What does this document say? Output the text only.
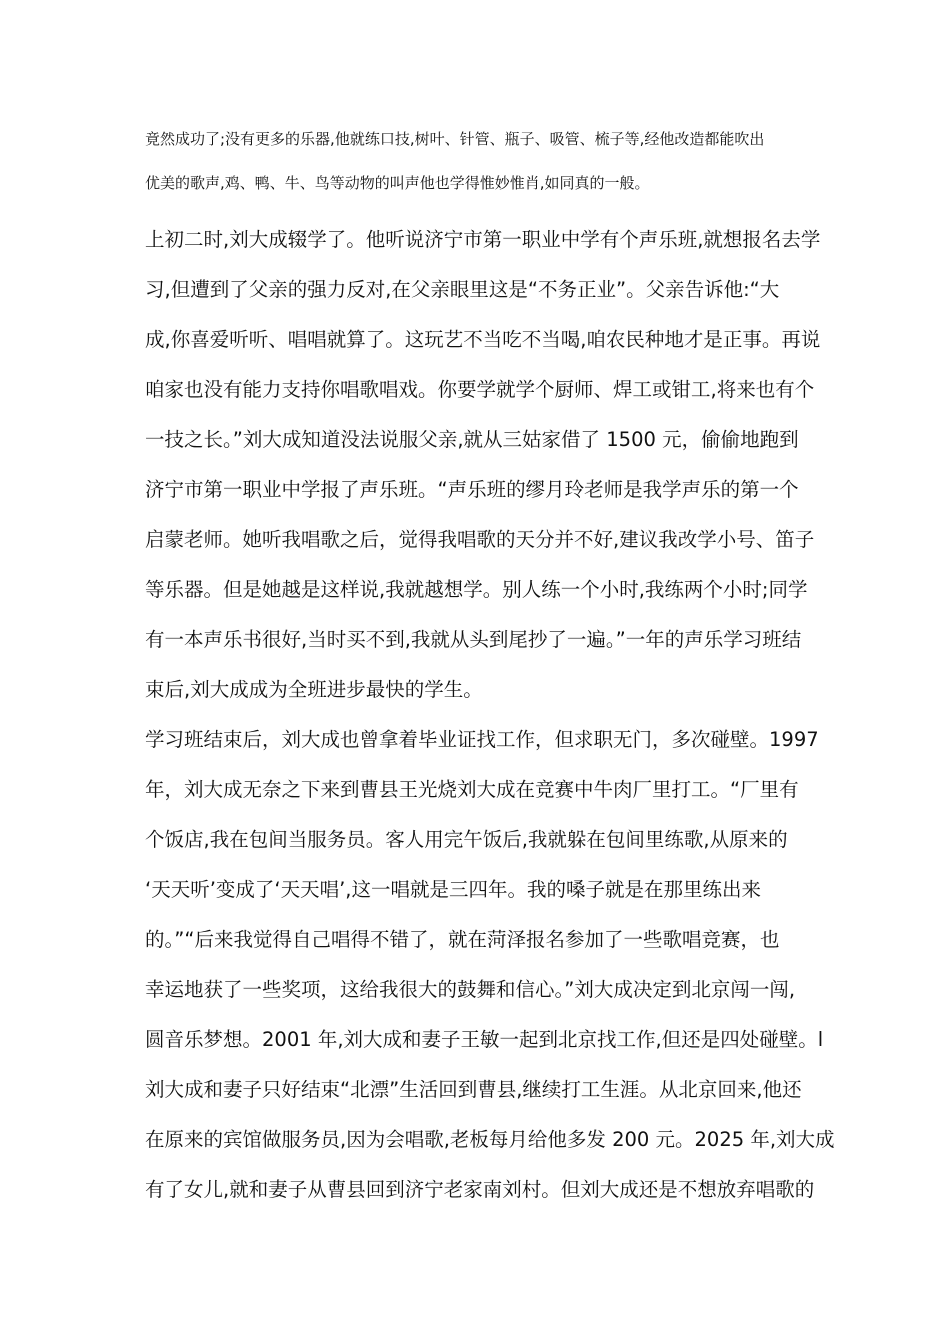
竟然成功了;没有更多的乐器,他就练口技,树叶、针管、瓶子、吸管、梳子等,经他改造都能吹出
优美的歌声,鸡、鸭、牛、鸟等动物的叫声他也学得惟妙惟肖,如同真的一般。
上初二时,刘大成辍学了。他听说济宁市第一职业中学有个声乐班,就想报名去学
习,但遭到了父亲的强力反对,在父亲眼里这是“不务正业”。父亲告诉他:“大
成,你喜爱听听、唱唱就算了。这玩艺不当吃不当喝,咱农民种地才是正事。再说
咱家也没有能力支持你唱歌唱戏。你要学就学个厨师、焊工或钳工,将来也有个
一技之长。”刘大成知道没法说服父亲,就从三姑家借了 1500 元，偷偷地跑到
济宁市第一职业中学报了声乐班。“声乐班的缪月玲老师是我学声乐的第一个
启蒙老师。她听我唱歌之后，觉得我唱歌的天分并不好,建议我改学小号、笛子
等乐器。但是她越是这样说,我就越想学。别人练一个小时,我练两个小时;同学
有一本声乐书很好,当时买不到,我就从头到尾抄了一遍。”一年的声乐学习班结
束后,刘大成成为全班进步最快的学生。
学习班结束后，刘大成也曾拿着毕业证找工作，但求职无门，多次碰壁。1997
年，刘大成无奈之下来到曹县王光烧刘大成在竞赛中牛肉厂里打工。“厂里有
个饭店,我在包间当服务员。客人用完午饭后,我就躲在包间里练歌,从原来的
‘天天听’变成了‘天天唱’,这一唱就是三四年。我的嗓子就是在那里练出来
的。”“后来我觉得自己唱得不错了，就在菏泽报名参加了一些歌唱竞赛，也
幸运地获了一些奖项，这给我很大的鼓舞和信心。”刘大成决定到北京闯一闯,
圆音乐梦想。2001 年,刘大成和妻子王敏一起到北京找工作,但还是四处碰壁。l
刘大成和妻子只好结束“北漂”生活回到曹县,继续打工生涯。从北京回来,他还
在原来的宾馆做服务员,因为会唱歌,老板每月给他多发 200 元。2025 年,刘大成
有了女儿,就和妻子从曹县回到济宁老家南刘村。但刘大成还是不想放弃唱歌的
